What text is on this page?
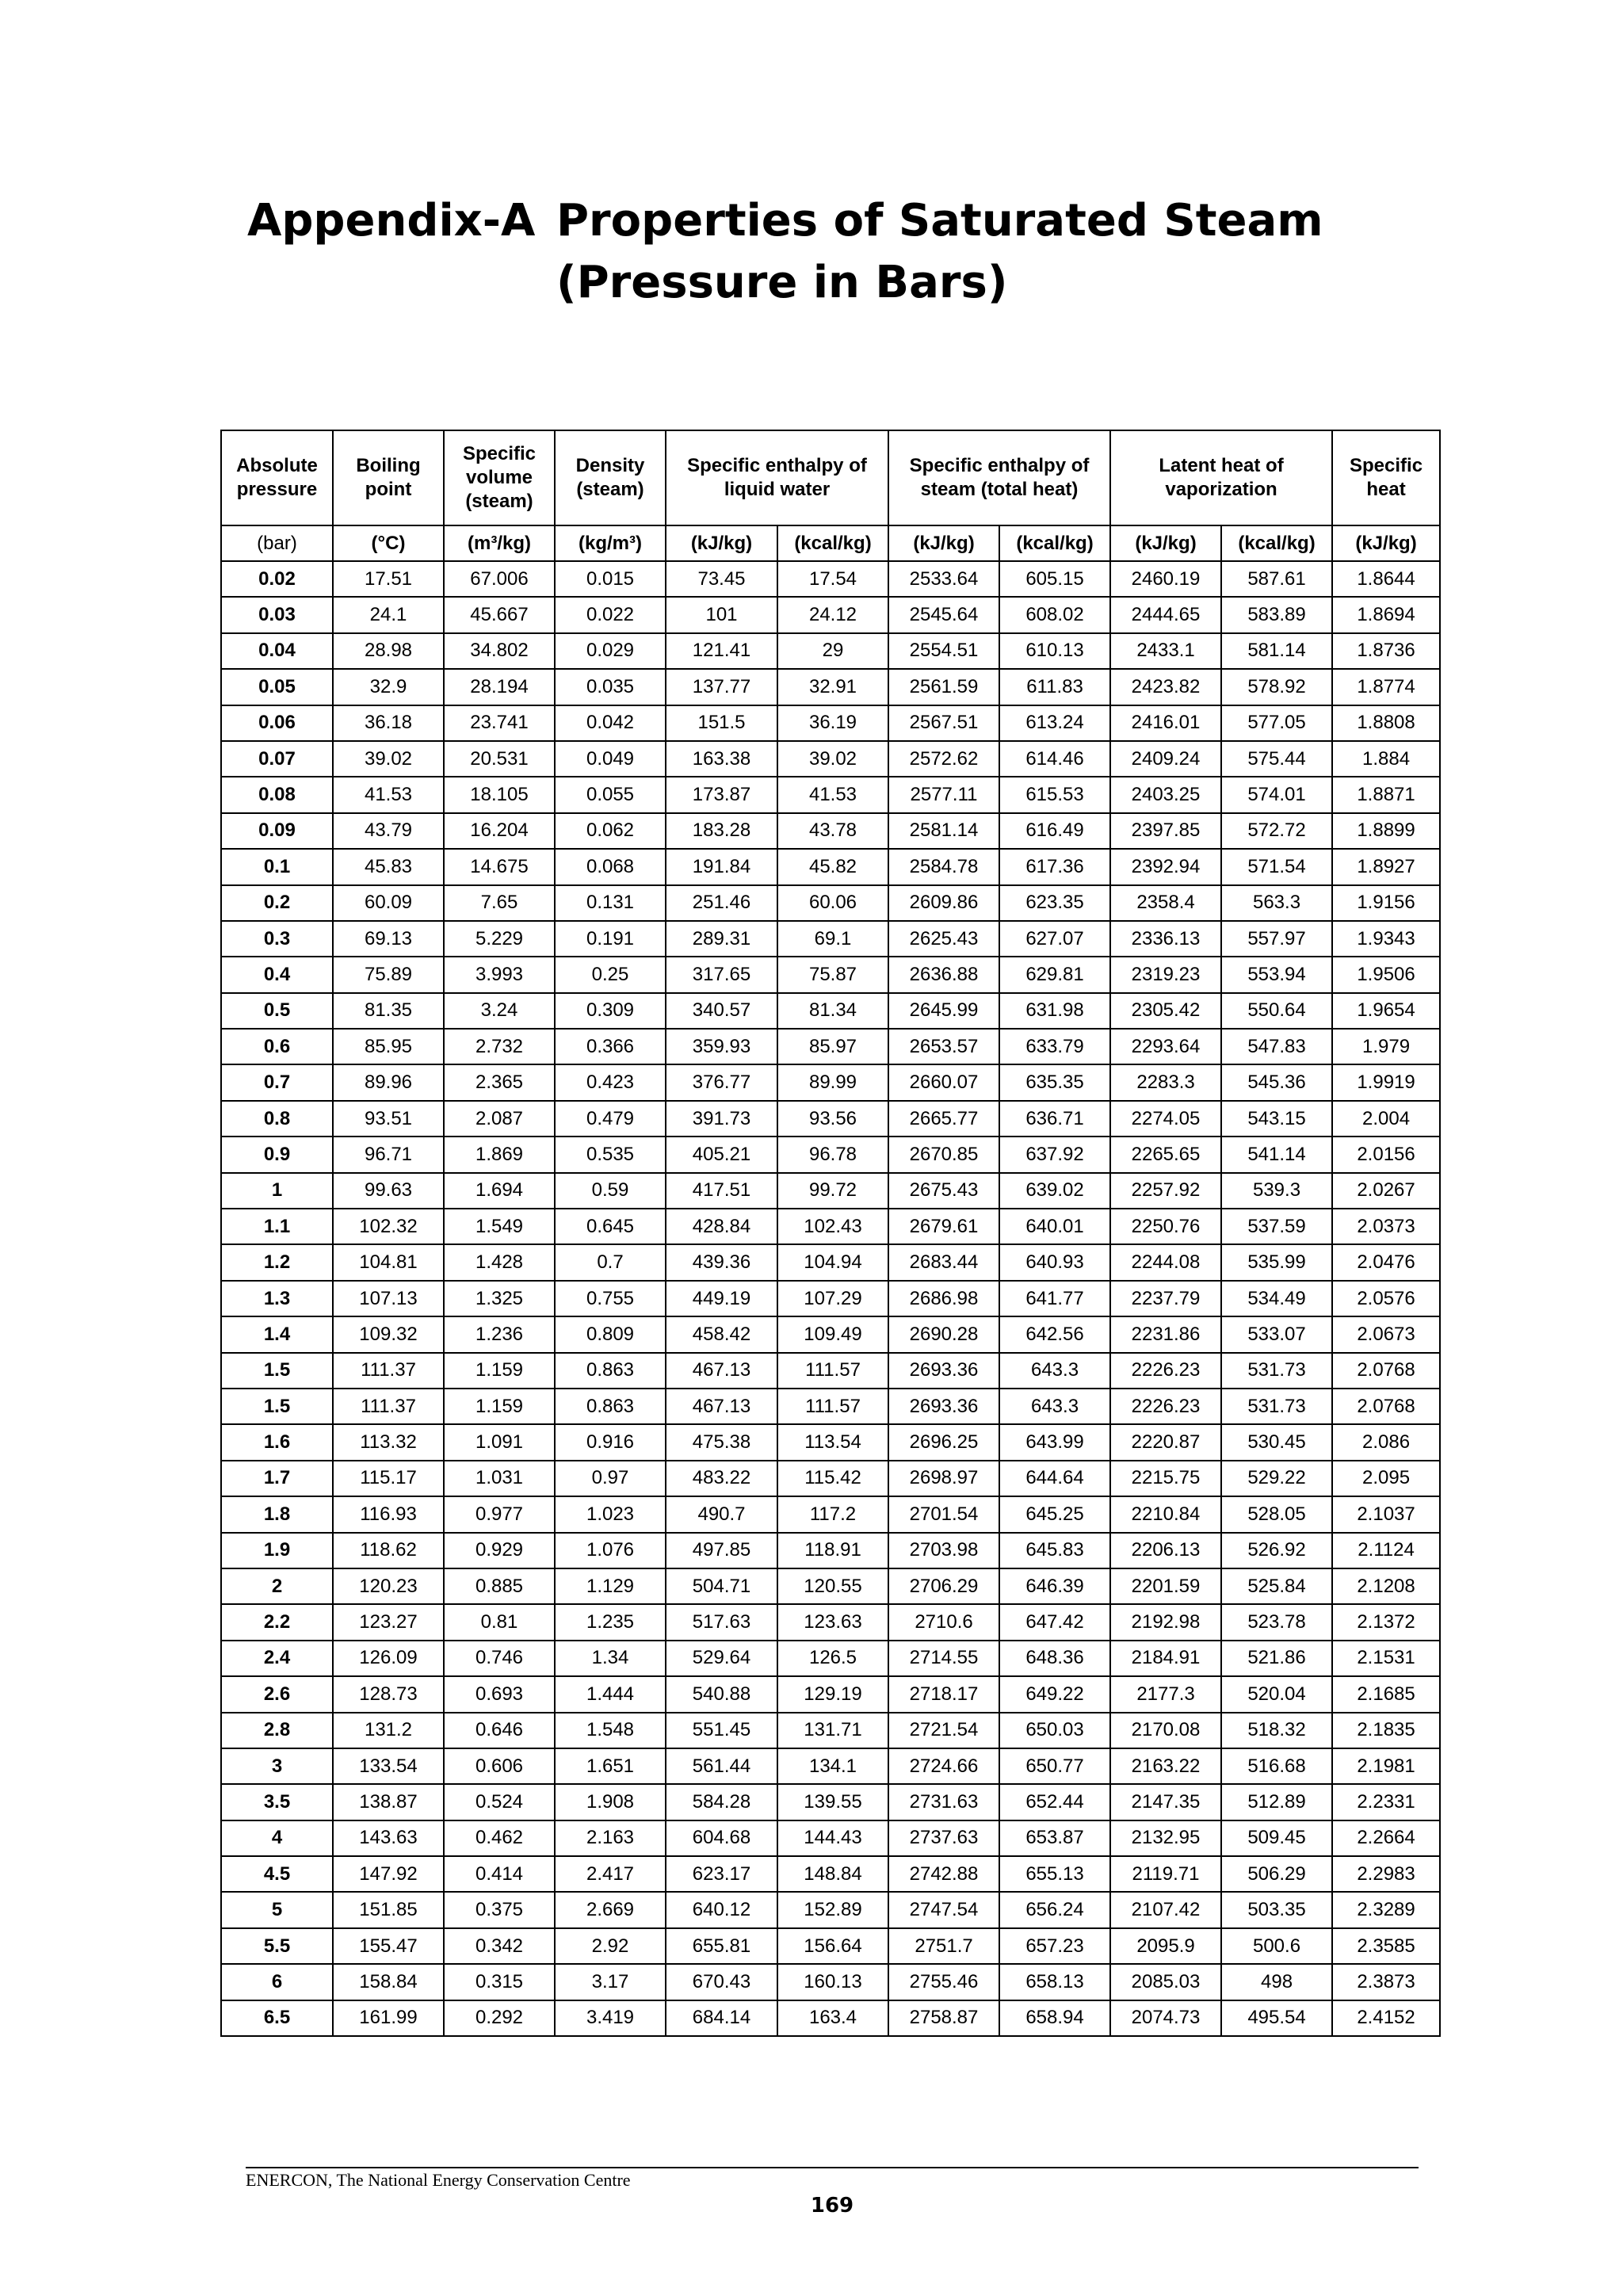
Appendix-A Properties of Saturated Steam
(Pressure in Bars)
Absolute pressure	Boiling point	Specific volume (steam)	Density (steam)	Specific enthalpy of liquid water		Specific enthalpy of steam (total heat)		Latent heat of vaporization		Specific heat
(bar)	(°C)	(m³/kg)	(kg/m³)	(kJ/kg)	(kcal/kg)	(kJ/kg)	(kcal/kg)	(kJ/kg)	(kcal/kg)	(kJ/kg)
0.02	17.51	67.006	0.015	73.45	17.54	2533.64	605.15	2460.19	587.61	1.8644
0.03	24.1	45.667	0.022	101	24.12	2545.64	608.02	2444.65	583.89	1.8694
0.04	28.98	34.802	0.029	121.41	29	2554.51	610.13	2433.1	581.14	1.8736
0.05	32.9	28.194	0.035	137.77	32.91	2561.59	611.83	2423.82	578.92	1.8774
0.06	36.18	23.741	0.042	151.5	36.19	2567.51	613.24	2416.01	577.05	1.8808
0.07	39.02	20.531	0.049	163.38	39.02	2572.62	614.46	2409.24	575.44	1.884
0.08	41.53	18.105	0.055	173.87	41.53	2577.11	615.53	2403.25	574.01	1.8871
0.09	43.79	16.204	0.062	183.28	43.78	2581.14	616.49	2397.85	572.72	1.8899
0.1	45.83	14.675	0.068	191.84	45.82	2584.78	617.36	2392.94	571.54	1.8927
0.2	60.09	7.65	0.131	251.46	60.06	2609.86	623.35	2358.4	563.3	1.9156
0.3	69.13	5.229	0.191	289.31	69.1	2625.43	627.07	2336.13	557.97	1.9343
0.4	75.89	3.993	0.25	317.65	75.87	2636.88	629.81	2319.23	553.94	1.9506
0.5	81.35	3.24	0.309	340.57	81.34	2645.99	631.98	2305.42	550.64	1.9654
0.6	85.95	2.732	0.366	359.93	85.97	2653.57	633.79	2293.64	547.83	1.979
0.7	89.96	2.365	0.423	376.77	89.99	2660.07	635.35	2283.3	545.36	1.9919
0.8	93.51	2.087	0.479	391.73	93.56	2665.77	636.71	2274.05	543.15	2.004
0.9	96.71	1.869	0.535	405.21	96.78	2670.85	637.92	2265.65	541.14	2.0156
1	99.63	1.694	0.59	417.51	99.72	2675.43	639.02	2257.92	539.3	2.0267
1.1	102.32	1.549	0.645	428.84	102.43	2679.61	640.01	2250.76	537.59	2.0373
1.2	104.81	1.428	0.7	439.36	104.94	2683.44	640.93	2244.08	535.99	2.0476
1.3	107.13	1.325	0.755	449.19	107.29	2686.98	641.77	2237.79	534.49	2.0576
1.4	109.32	1.236	0.809	458.42	109.49	2690.28	642.56	2231.86	533.07	2.0673
1.5	111.37	1.159	0.863	467.13	111.57	2693.36	643.3	2226.23	531.73	2.0768
1.5	111.37	1.159	0.863	467.13	111.57	2693.36	643.3	2226.23	531.73	2.0768
1.6	113.32	1.091	0.916	475.38	113.54	2696.25	643.99	2220.87	530.45	2.086
1.7	115.17	1.031	0.97	483.22	115.42	2698.97	644.64	2215.75	529.22	2.095
1.8	116.93	0.977	1.023	490.7	117.2	2701.54	645.25	2210.84	528.05	2.1037
1.9	118.62	0.929	1.076	497.85	118.91	2703.98	645.83	2206.13	526.92	2.1124
2	120.23	0.885	1.129	504.71	120.55	2706.29	646.39	2201.59	525.84	2.1208
2.2	123.27	0.81	1.235	517.63	123.63	2710.6	647.42	2192.98	523.78	2.1372
2.4	126.09	0.746	1.34	529.64	126.5	2714.55	648.36	2184.91	521.86	2.1531
2.6	128.73	0.693	1.444	540.88	129.19	2718.17	649.22	2177.3	520.04	2.1685
2.8	131.2	0.646	1.548	551.45	131.71	2721.54	650.03	2170.08	518.32	2.1835
3	133.54	0.606	1.651	561.44	134.1	2724.66	650.77	2163.22	516.68	2.1981
3.5	138.87	0.524	1.908	584.28	139.55	2731.63	652.44	2147.35	512.89	2.2331
4	143.63	0.462	2.163	604.68	144.43	2737.63	653.87	2132.95	509.45	2.2664
4.5	147.92	0.414	2.417	623.17	148.84	2742.88	655.13	2119.71	506.29	2.2983
5	151.85	0.375	2.669	640.12	152.89	2747.54	656.24	2107.42	503.35	2.3289
5.5	155.47	0.342	2.92	655.81	156.64	2751.7	657.23	2095.9	500.6	2.3585
6	158.84	0.315	3.17	670.43	160.13	2755.46	658.13	2085.03	498	2.3873
6.5	161.99	0.292	3.419	684.14	163.4	2758.87	658.94	2074.73	495.54	2.4152
ENERCON, The National Energy Conservation Centre
169
